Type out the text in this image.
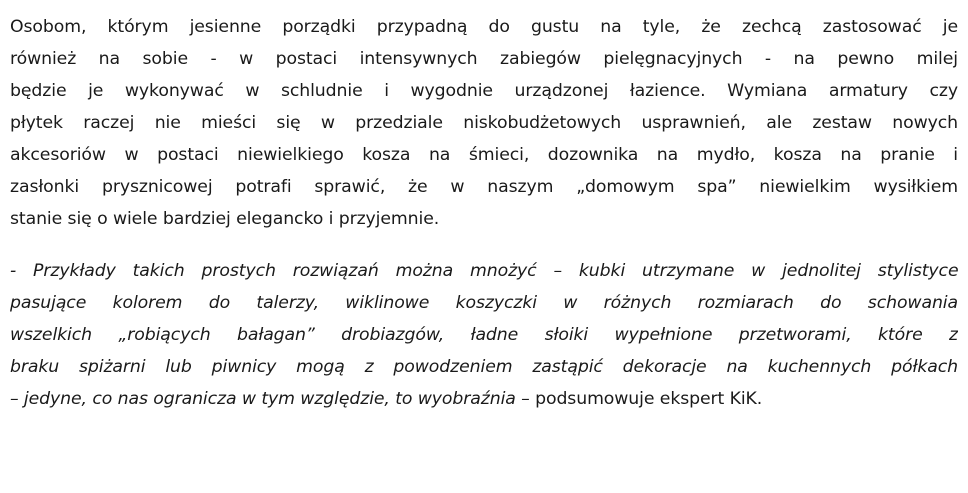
Osobom, którym jesienne porządki przypadną do gustu na tyle, że zechcą zastosować je
również na sobie - w postaci intensywnych zabiegów pielęgnacyjnych - na pewno milej
będzie je wykonywać w schludnie i wygodnie urządzonej łazience. Wymiana armatury czy
płytek raczej nie mieści się w przedziale niskobudżetowych usprawnień, ale zestaw nowych
akcesoriów w postaci niewielkiego kosza na śmieci, dozownika na mydło, kosza na pranie i
zasłonki prysznicowej potrafi sprawić, że w naszym „domowym spa” niewielkim wysiłkiem
stanie się o wiele bardziej elegancko i przyjemnie.
- Przykłady takich prostych rozwiązań można mnożyć – kubki utrzymane w jednolitej stylistyce
pasujące kolorem do talerzy, wiklinowe koszyczki w różnych rozmiarach do schowania
wszelkich „robiących bałagan” drobiazgów, ładne słoiki wypełnione przetworami, które z
braku spiżarni lub piwnicy mogą z powodzeniem zastąpić dekoracje na kuchennych półkach
– jedyne, co nas ogranicza w tym względzie, to wyobraźnia – podsumowuje ekspert KiK.
